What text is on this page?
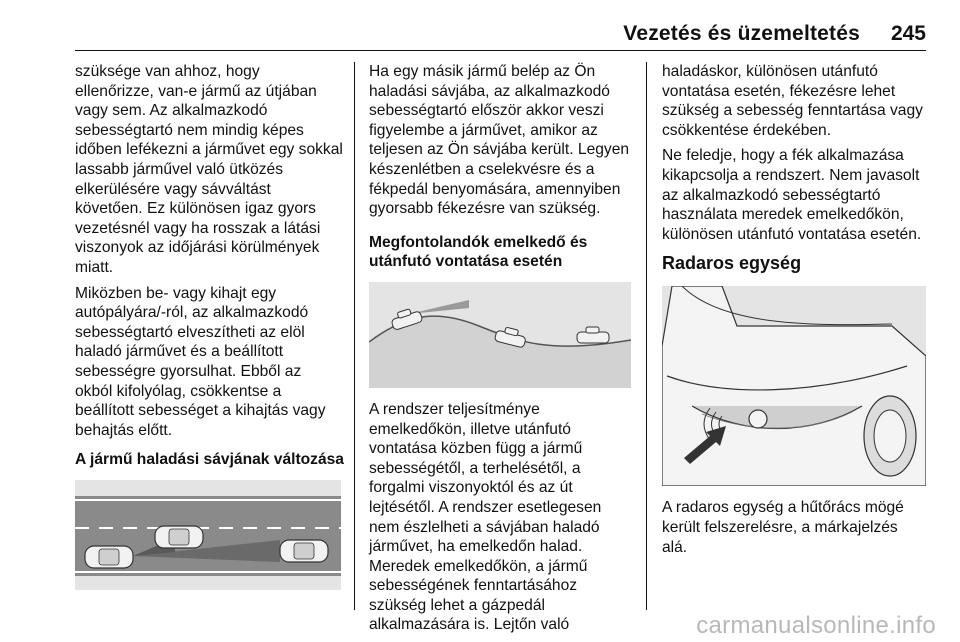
Vezetés és üzemeltetés	245

szüksége van ahhoz, hogy
ellenőrizze, van-e jármű az útjában
vagy sem. Az alkalmazkodó
sebességtartó nem mindig képes
időben lefékezni a járművet egy sokkal
lassabb járművel való ütközés
elkerülésére vagy sávváltást
követően. Ez különösen igaz gyors
vezetésnél vagy ha rosszak a látási
viszonyok az időjárási körülmények
miatt.

Miközben be- vagy kihajt egy
autópályára/-ról, az alkalmazkodó
sebességtartó elveszítheti az elöl
haladó járművet és a beállított
sebességre gyorsulhat. Ebből az
okból kifolyólag, csökkentse a
beállított sebességet a kihajtás vagy
behajtás előtt.

A jármű haladási sávjának változása

Ha egy másik jármű belép az Ön
haladási sávjába, az alkalmazkodó
sebességtartó először akkor veszi
figyelembe a járművet, amikor az
teljesen az Ön sávjába került. Legyen
készenlétben a cselekvésre és a
fékpedál benyomására, amennyiben
gyorsabb fékezésre van szükség.

Megfontolandók emelkedő és
utánfutó vontatása esetén

A rendszer teljesítménye
emelkedőkön, illetve utánfutó
vontatása közben függ a jármű
sebességétől, a terhelésétől, a
forgalmi viszonyoktól és az út
lejtésétől. A rendszer esetlegesen
nem észlelheti a sávjában haladó
járművet, ha emelkedőn halad.
Meredek emelkedőkön, a jármű
sebességének fenntartásához
szükség lehet a gázpedál
alkalmazására is. Lejtőn való

haladáskor, különösen utánfutó
vontatása esetén, fékezésre lehet
szükség a sebesség fenntartása vagy
csökkentése érdekében.

Ne feledje, hogy a fék alkalmazása
kikapcsolja a rendszert. Nem javasolt
az alkalmazkodó sebességtartó
használata meredek emelkedőkön,
különösen utánfutó vontatása esetén.

Radaros egység

A radaros egység a hűtőrács mögé
került felszerelésre, a márkajelzés
alá.

carmanualsonline.info
